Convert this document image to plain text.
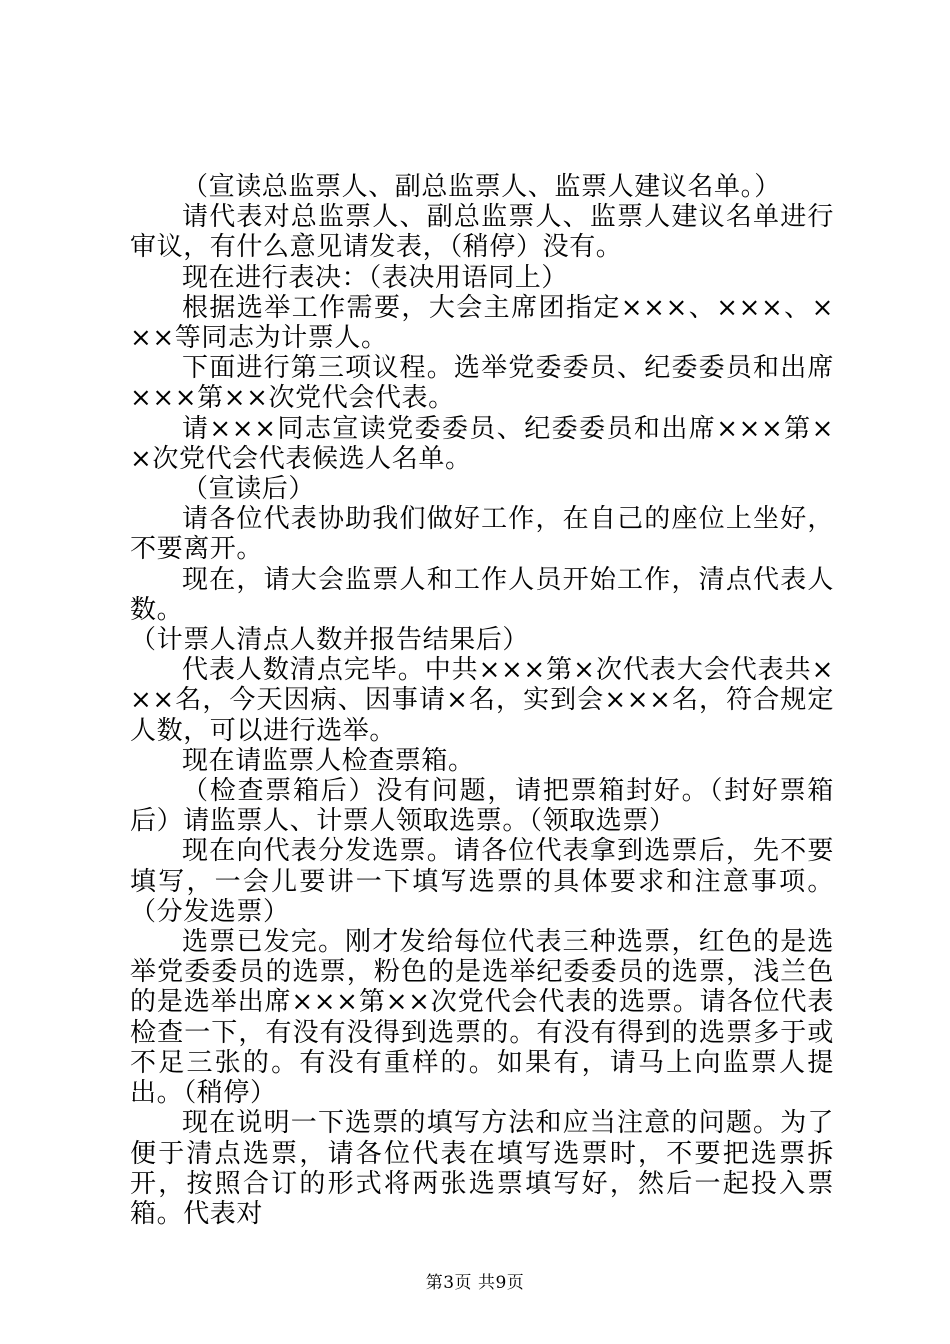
（宣读总监票人、副总监票人、监票人建议名单。）

请代表对总监票人、副总监票人、监票人建议名单进行审议，有什么意见请发表，（稍停）没有。

现在进行表决：（表决用语同上）

根据选举工作需要，大会主席团指定×××、×××、×××等同志为计票人。

下面进行第三项议程。选举党委委员、纪委委员和出席×××第××次党代会代表。

请×××同志宣读党委委员、纪委委员和出席×××第××次党代会代表候选人名单。

（宣读后）

请各位代表协助我们做好工作，在自己的座位上坐好，不要离开。

现在，请大会监票人和工作人员开始工作，清点代表人数。

（计票人清点人数并报告结果后）

代表人数清点完毕。中共×××第×次代表大会代表共×××名，今天因病、因事请×名，实到会×××名，符合规定人数，可以进行选举。

现在请监票人检查票箱。

（检查票箱后）没有问题，请把票箱封好。（封好票箱后）请监票人、计票人领取选票。（领取选票）

现在向代表分发选票。请各位代表拿到选票后，先不要填写，一会儿要讲一下填写选票的具体要求和注意事项。（分发选票）

选票已发完。刚才发给每位代表三种选票，红色的是选举党委委员的选票，粉色的是选举纪委委员的选票，浅兰色的是选举出席×××第××次党代会代表的选票。请各位代表检查一下，有没有没得到选票的。有没有得到的选票多于或不足三张的。有没有重样的。如果有，请马上向监票人提出。（稍停）

现在说明一下选票的填写方法和应当注意的问题。为了便于清点选票，请各位代表在填写选票时，不要把选票拆开，按照合订的形式将两张选票填写好，然后一起投入票箱。代表对

第3页 共9页
